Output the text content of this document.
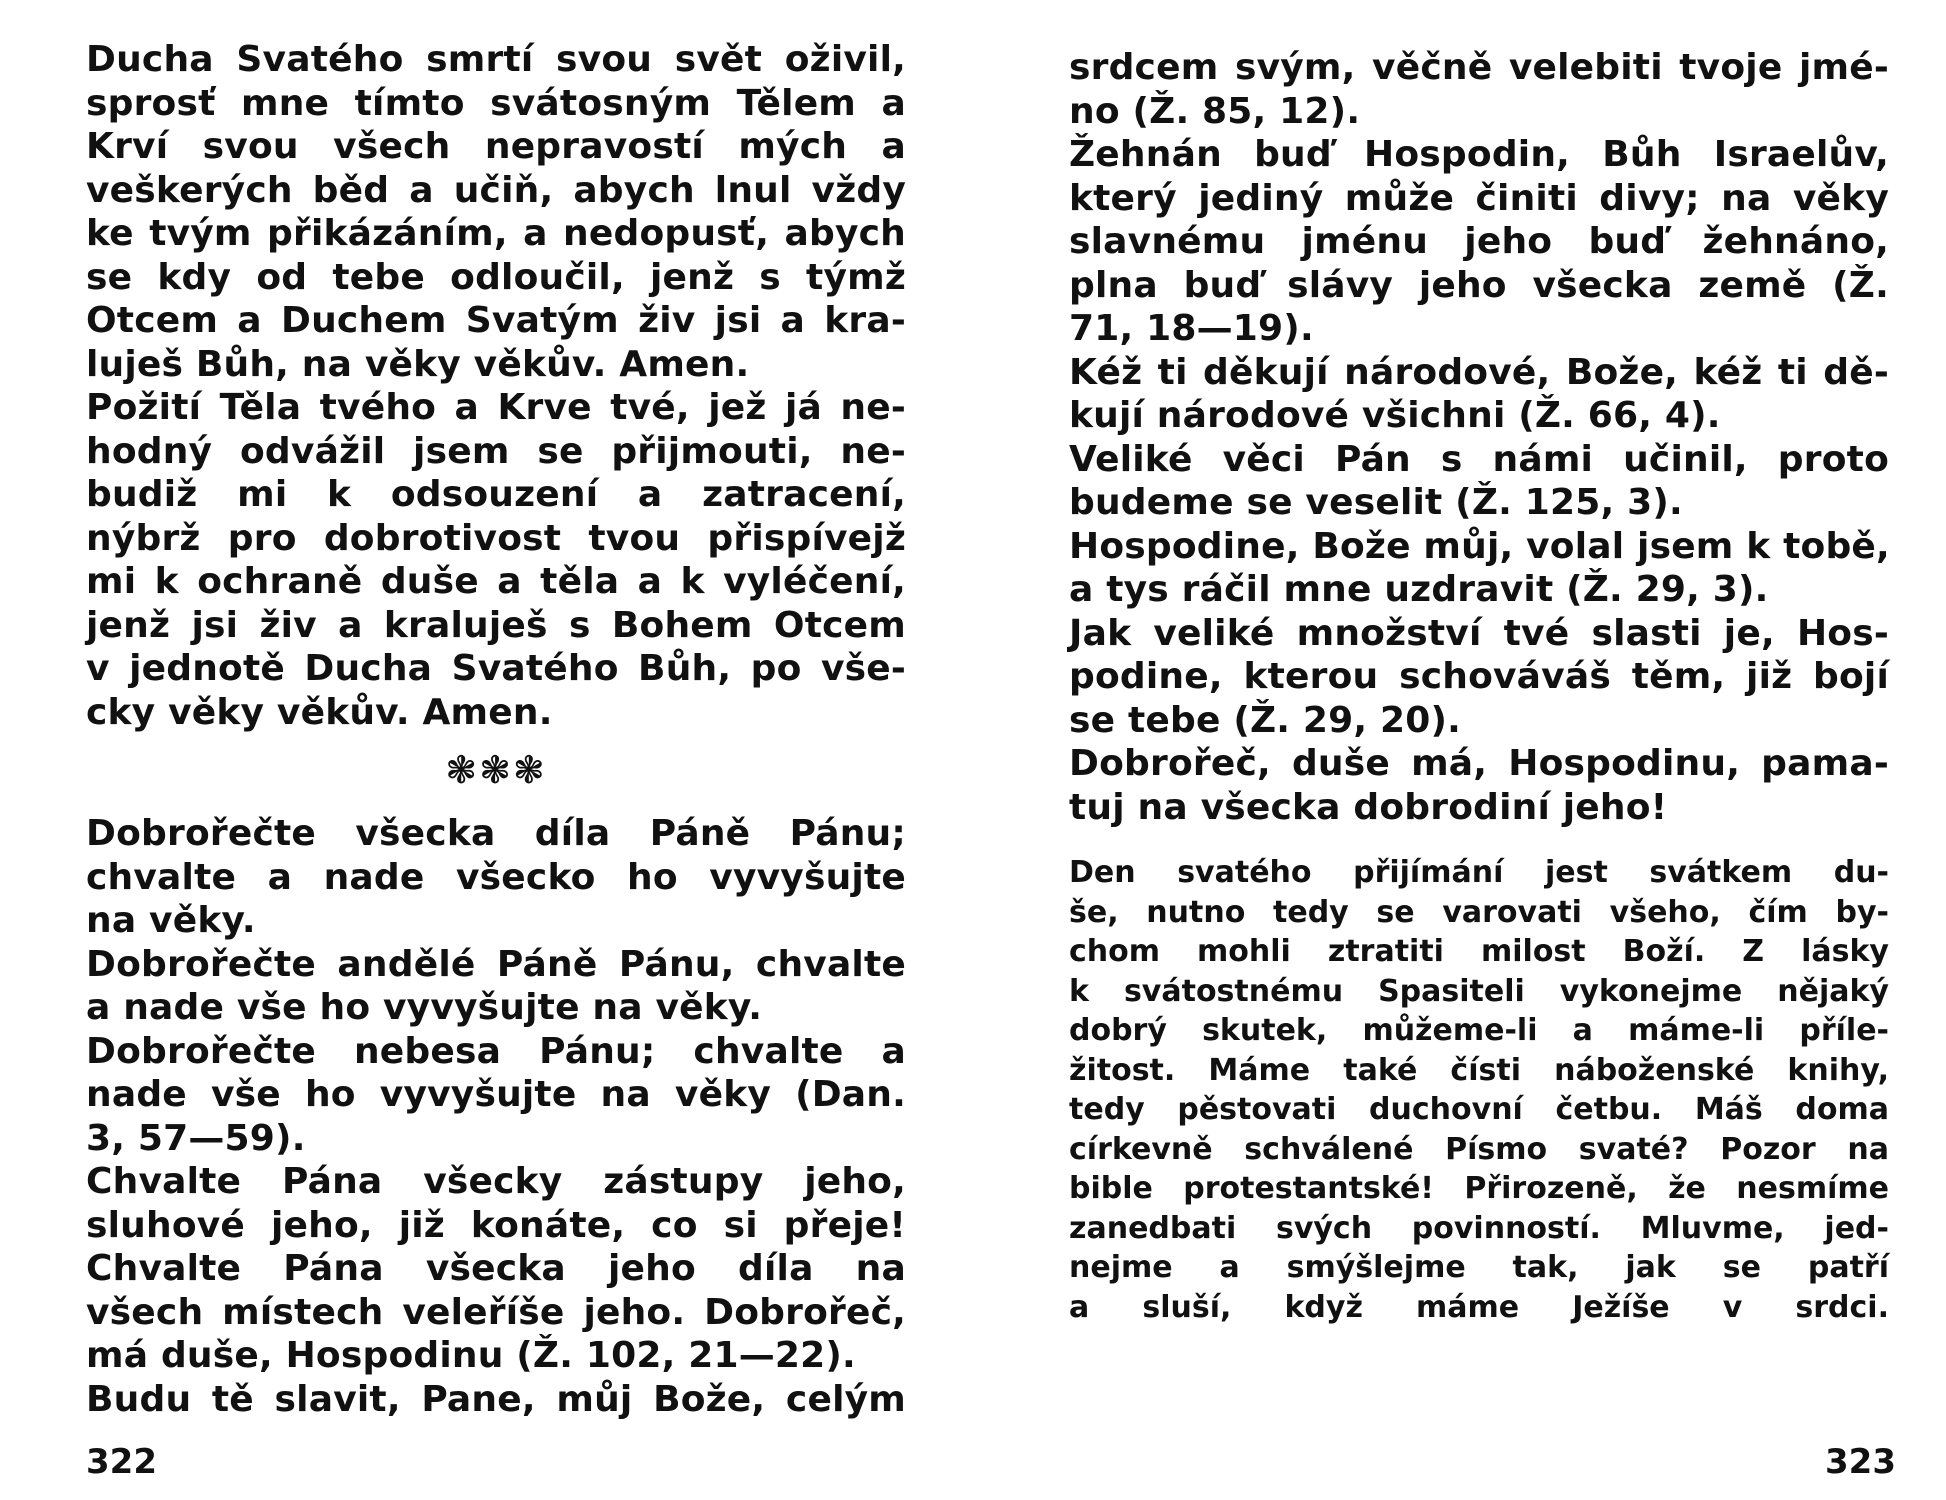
Ducha Svatého smrtí svou svět oživil,
sprosť mne tímto svátosným Tělem a
Krví svou všech nepravostí mých a
veškerých běd a učiň, abych lnul vždy
ke tvým přikázáním, a nedopusť, abych
se kdy od tebe odloučil, jenž s týmž
Otcem a Duchem Svatým živ jsi a kra-
luješ Bůh, na věky věkův. Amen.

Požití Těla tvého a Krve tvé, jež já ne-
hodný odvážil jsem se přijmouti, ne-
budiž mi k odsouzení a zatracení,
nýbrž pro dobrotivost tvou přispívejž
mi k ochraně duše a těla a k vyléčení,
jenž jsi živ a kraluješ s Bohem Otcem
v jednotě Ducha Svatého Bůh, po vše-
cky věky věkův. Amen.

❃❃❃

Dobrořečte všecka díla Páně Pánu;
chvalte a nade všecko ho vyvyšujte
na věky.

Dobrořečte andělé Páně Pánu, chvalte
a nade vše ho vyvyšujte na věky.

Dobrořečte nebesa Pánu; chvalte a
nade vše ho vyvyšujte na věky (Dan.
3, 57—59).

Chvalte Pána všecky zástupy jeho,
sluhové jeho, již konáte, co si přeje!
Chvalte Pána všecka jeho díla na
všech místech veleříše jeho. Dobrořeč,
má duše, Hospodinu (Ž. 102, 21—22).

Budu tě slavit, Pane, můj Bože, celým

322

srdcem svým, věčně velebiti tvoje jmé-
no (Ž. 85, 12).

Žehnán buď Hospodin, Bůh Israelův,
který jediný může činiti divy; na věky
slavnému jménu jeho buď žehnáno,
plna buď slávy jeho všecka země (Ž.
71, 18—19).

Kéž ti děkují národové, Bože, kéž ti dě-
kují národové všichni (Ž. 66, 4).

Veliké věci Pán s námi učinil, proto
budeme se veselit (Ž. 125, 3).

Hospodine, Bože můj, volal jsem k tobě,
a tys ráčil mne uzdravit (Ž. 29, 3).

Jak veliké množství tvé slasti je, Hos-
podine, kterou schováváš těm, již bojí
se tebe (Ž. 29, 20).

Dobrořeč, duše má, Hospodinu, pama-
tuj na všecka dobrodiní jeho!

Den svatého přijímání jest svátkem du-
še, nutno tedy se varovati všeho, čím by-
chom mohli ztratiti milost Boží. Z lásky
k svátostnému Spasiteli vykonejme nějaký
dobrý skutek, můžeme-li a máme-li příle-
žitost. Máme také čísti náboženské knihy,
tedy pěstovati duchovní četbu. Máš doma
církevně schválené Písmo svaté? Pozor na
bible protestantské! Přirozeně, že nesmíme
zanedbati svých povinností. Mluvme, jed-
nejme a smýšlejme tak, jak se patří
a sluší, když máme Ježíše v srdci.

323
